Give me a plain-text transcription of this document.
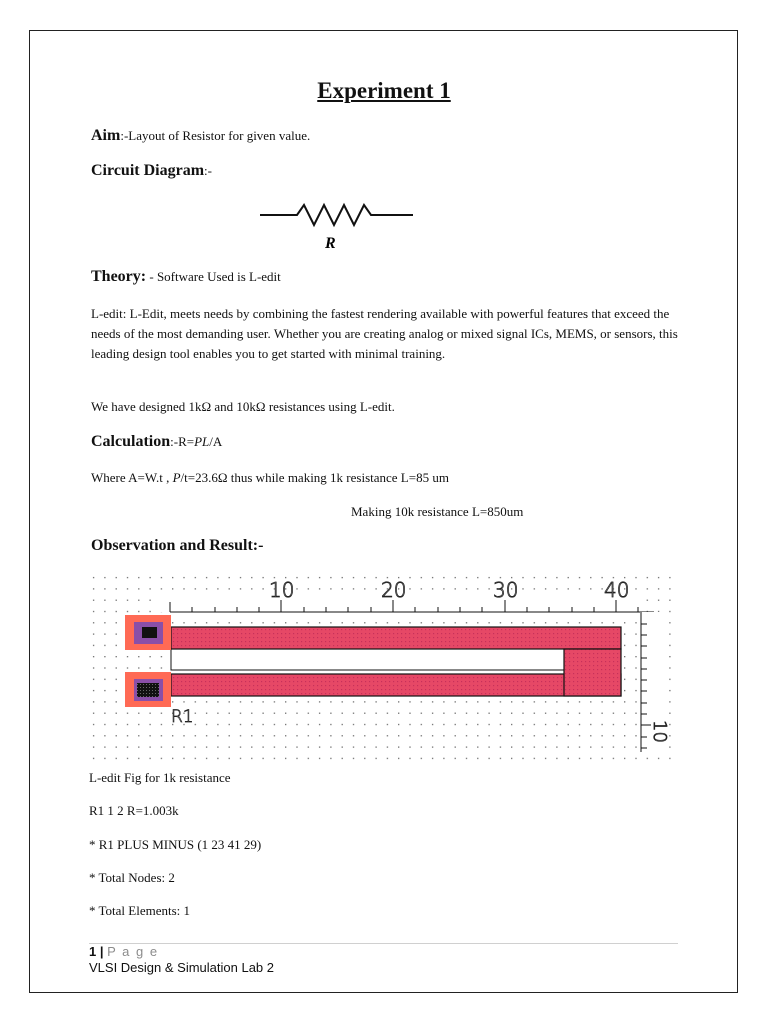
Experiment 1
Aim:-Layout of Resistor for given value.
Circuit Diagram:-
R
Theory: - Software Used is L-edit
L-edit: L-Edit, meets needs by combining the fastest rendering available with powerful features that exceed the needs of the most demanding user. Whether you are creating analog or mixed signal ICs, MEMS, or sensors, this leading design tool enables you to get started with minimal training.
We have designed 1kΩ and 10kΩ resistances using L-edit.
Calculation:-R=PL/A
Where A=W.t , P/t=23.6Ω thus while making 1k resistance L=85 um
Making 10k resistance L=850um
Observation and Result:-
10	20	30	40
10
R1
L-edit Fig for 1k resistance
R1 1 2 R=1.003k
* R1 PLUS MINUS (1 23 41 29)
* Total Nodes: 2
* Total Elements: 1
1 | P a g e
VLSI Design & Simulation Lab 2
